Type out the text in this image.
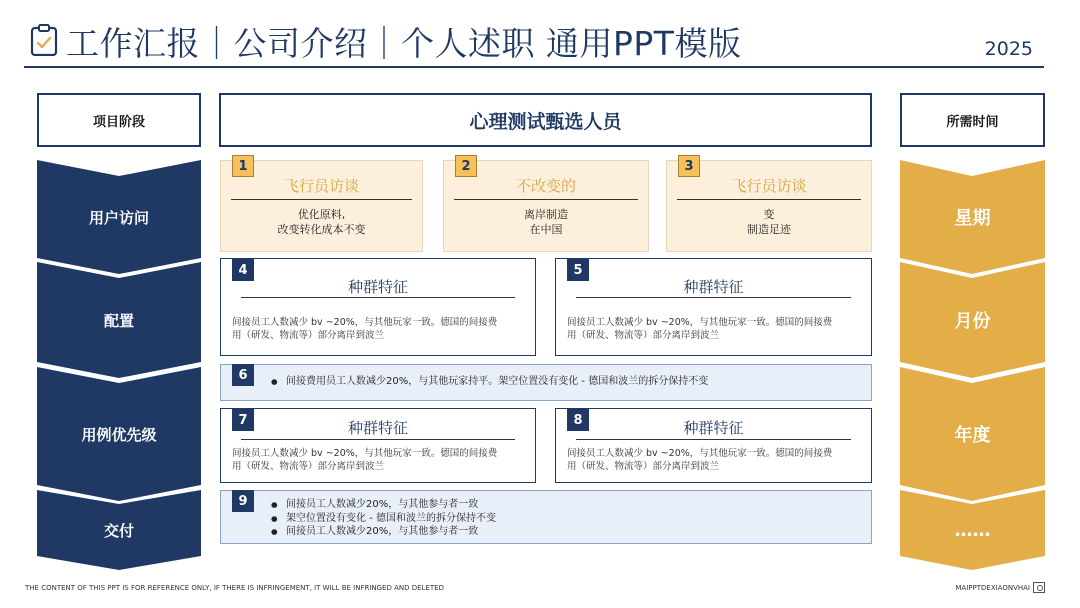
工作汇报｜公司介绍｜个人述职 通用PPT模版	2025
项目阶段	心理测试甄选人员	所需时间
用户访问
配置
用例优先级
交付
星期
月份
年度
……
1
飞行员访谈
优化原料,
改变转化成本不变
2
不改变的
离岸制造
在中国
3
飞行员访谈
变
制造足迹
4
种群特征
间接员工人数减少 bv ~20%，与其他玩家一致。德国的间接费
用（研发、物流等）部分离岸到波兰
5
种群特征
间接员工人数减少 bv ~20%，与其他玩家一致。德国的间接费
用（研发、物流等）部分离岸到波兰
6	● 间接费用员工人数减少20%，与其他玩家持平。架空位置没有变化 - 德国和波兰的拆分保持不变
7	种群特征
间接员工人数减少 bv ~20%，与其他玩家一致。德国的间接费
用（研发、物流等）部分离岸到波兰
8	种群特征
间接员工人数减少 bv ~20%，与其他玩家一致。德国的间接费
用（研发、物流等）部分离岸到波兰
9	● 间接员工人数减少20%，与其他参与者一致
● 架空位置没有变化 - 德国和波兰的拆分保持不变
● 间接员工人数减少20%，与其他参与者一致
THE CONTENT OF THIS PPT IS FOR REFERENCE ONLY, IF THERE IS INFRINGEMENT, IT WILL BE INFRINGED AND DELETED	MAIPPTDEXIAONVHAI
